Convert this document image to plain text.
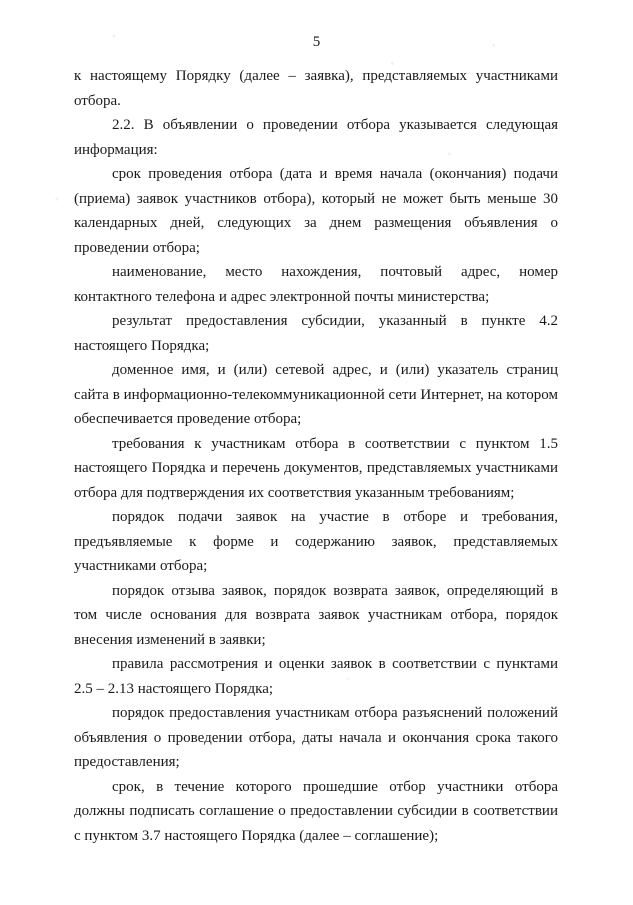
5

к настоящему Порядку (далее – заявка), представляемых участниками отбора.

2.2. В объявлении о проведении отбора указывается следующая информация:

срок проведения отбора (дата и время начала (окончания) подачи (приема) заявок участников отбора), который не может быть меньше 30 календарных дней, следующих за днем размещения объявления о проведении отбора;

наименование, место нахождения, почтовый адрес, номер контактного телефона и адрес электронной почты министерства;

результат предоставления субсидии, указанный в пункте 4.2 настоящего Порядка;

доменное имя, и (или) сетевой адрес, и (или) указатель страниц сайта в информационно-телекоммуникационной сети Интернет, на котором обеспечивается проведение отбора;

требования к участникам отбора в соответствии с пунктом 1.5 настоящего Порядка и перечень документов, представляемых участниками отбора для подтверждения их соответствия указанным требованиям;

порядок подачи заявок на участие в отборе и требования, предъявляемые к форме и содержанию заявок, представляемых участниками отбора;

порядок отзыва заявок, порядок возврата заявок, определяющий в том числе основания для возврата заявок участникам отбора, порядок внесения изменений в заявки;

правила рассмотрения и оценки заявок в соответствии с пунктами 2.5 – 2.13 настоящего Порядка;

порядок предоставления участникам отбора разъяснений положений объявления о проведении отбора, даты начала и окончания срока такого предоставления;

срок, в течение которого прошедшие отбор участники отбора должны подписать соглашение о предоставлении субсидии в соответствии с пунктом 3.7 настоящего Порядка (далее – соглашение);
